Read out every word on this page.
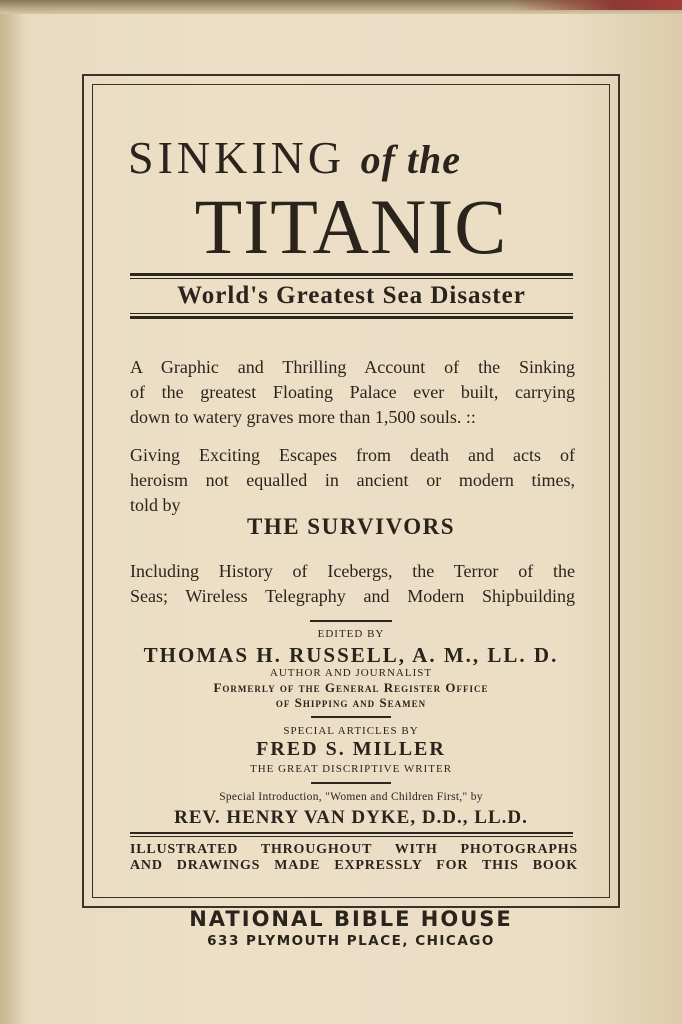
SINKING of the
TITANIC
World's Greatest Sea Disaster
A Graphic and Thrilling Account of the Sinking
of the greatest Floating Palace ever built, carrying
down to watery graves more than 1,500 souls. ::
Giving Exciting Escapes from death and acts of
heroism not equalled in ancient or modern times,
told by
THE SURVIVORS
Including History of Icebergs, the Terror of the
Seas; Wireless Telegraphy and Modern Shipbuilding
EDITED BY
THOMAS H. RUSSELL, A. M., LL. D.
AUTHOR AND JOURNALIST
Formerly of the General Register Office
of Shipping and Seamen
SPECIAL ARTICLES BY
FRED S. MILLER
THE GREAT DISCRIPTIVE WRITER
Special Introduction, "Women and Children First," by
REV. HENRY VAN DYKE, D.D., LL.D.
ILLUSTRATED THROUGHOUT WITH PHOTOGRAPHS
AND DRAWINGS MADE EXPRESSLY FOR THIS BOOK
NATIONAL BIBLE HOUSE
633 PLYMOUTH PLACE, CHICAGO
